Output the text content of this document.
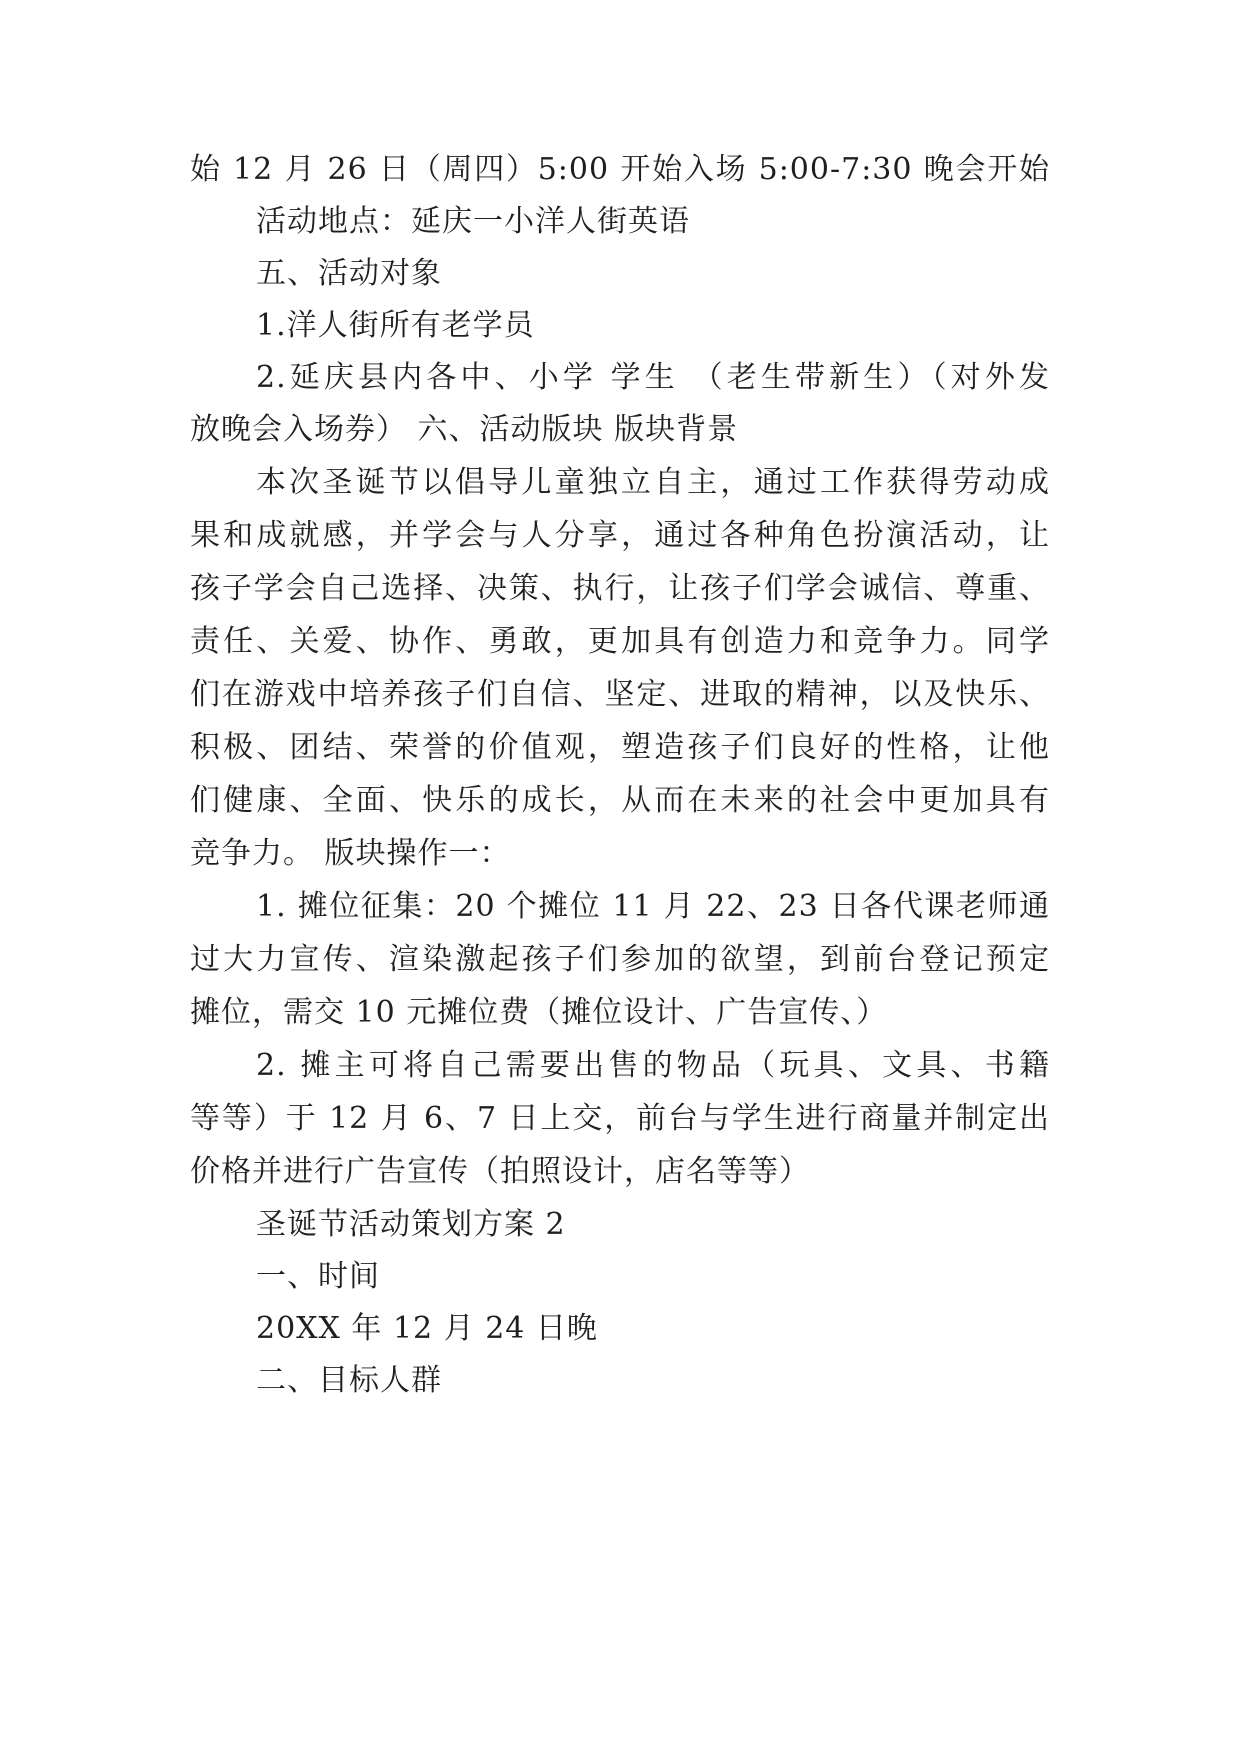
始 12 月 26 日（周四）5:00 开始入场 5:00-7:30 晚会开始
活动地点：延庆一小洋人街英语
五、活动对象
1.洋人街所有老学员
2.延庆县内各中、小学 学生 （老生带新生）（对外发
放晚会入场券） 六、活动版块 版块背景
本次圣诞节以倡导儿童独立自主，通过工作获得劳动成
果和成就感，并学会与人分享，通过各种角色扮演活动，让
孩子学会自己选择、决策、执行，让孩子们学会诚信、尊重、
责任、关爱、协作、勇敢，更加具有创造力和竞争力。同学
们在游戏中培养孩子们自信、坚定、进取的精神，以及快乐、
积极、团结、荣誉的价值观，塑造孩子们良好的性格，让他
们健康、全面、快乐的成长，从而在未来的社会中更加具有
竞争力。 版块操作一：
1. 摊位征集：20 个摊位 11 月 22、23 日各代课老师通
过大力宣传、渲染激起孩子们参加的欲望，到前台登记预定
摊位，需交 10 元摊位费（摊位设计、广告宣传、）
2. 摊主可将自己需要出售的物品（玩具、文具、书籍
等等）于 12 月 6、7 日上交，前台与学生进行商量并制定出
价格并进行广告宣传（拍照设计，店名等等）
圣诞节活动策划方案 2
一、时间
20XX 年 12 月 24 日晚
二、目标人群
